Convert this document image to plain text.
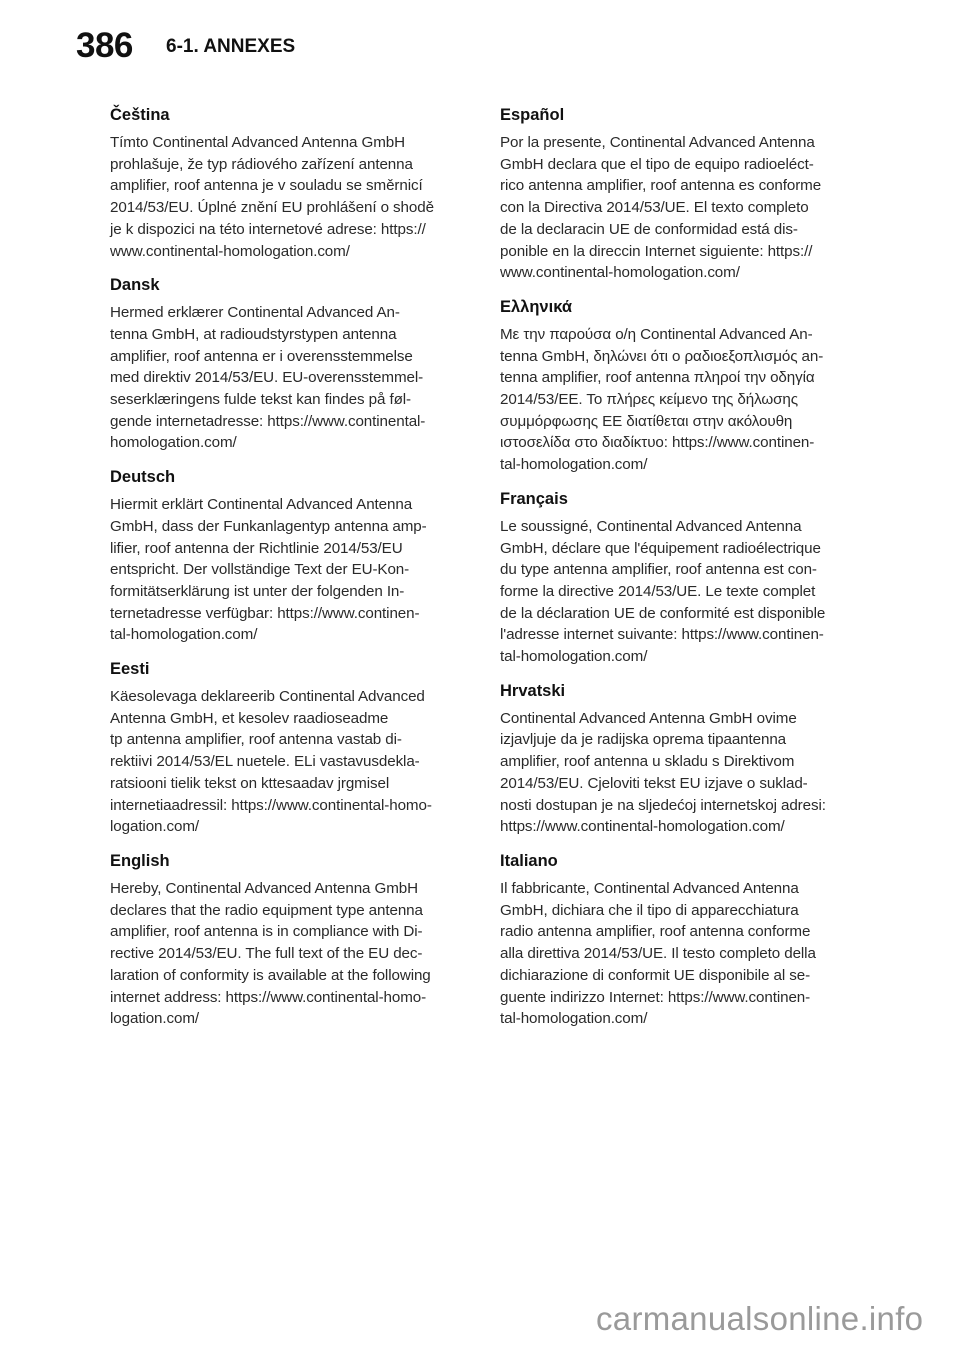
386 6-1. ANNEXES
Čeština

Tímto Continental Advanced Antenna GmbH
prohlašuje, že typ rádiového zařízení antenna
amplifier, roof antenna je v souladu se směrnicí
2014/53/EU. Úplné znění EU prohlášení o shodě
je k dispozici na této internetové adrese: https://
www.continental-homologation.com/

Dansk

Hermed erklærer Continental Advanced An-
tenna GmbH, at radioudstyrstypen antenna
amplifier, roof antenna er i overensstemmelse
med direktiv 2014/53/EU. EU-overensstemmel-
seserklæringens fulde tekst kan findes på føl-
gende internetadresse: https://www.continental-
homologation.com/

Deutsch

Hiermit erklärt Continental Advanced Antenna
GmbH, dass der Funkanlagentyp antenna amp-
lifier, roof antenna der Richtlinie 2014/53/EU
entspricht. Der vollständige Text der EU-Kon-
formitätserklärung ist unter der folgenden In-
ternetadresse verfügbar: https://www.continen-
tal-homologation.com/

Eesti

Käesolevaga deklareerib Continental Advanced
Antenna GmbH, et kesolev raadioseadme
tp antenna amplifier, roof antenna vastab di-
rektiivi 2014/53/EL nuetele. ELi vastavusdekla-
ratsiooni tielik tekst on kttesaadav jrgmisel
internetiaadressil: https://www.continental-homo-
logation.com/

English

Hereby, Continental Advanced Antenna GmbH
declares that the radio equipment type antenna
amplifier, roof antenna is in compliance with Di-
rective 2014/53/EU. The full text of the EU dec-
laration of conformity is available at the following
internet address: https://www.continental-homo-
logation.com/

Español

Por la presente, Continental Advanced Antenna
GmbH declara que el tipo de equipo radioeléct-
rico antenna amplifier, roof antenna es conforme
con la Directiva 2014/53/UE. El texto completo
de la declaracin UE de conformidad está dis-
ponible en la direccin Internet siguiente: https://
www.continental-homologation.com/

Ελληνικά

Με την παρούσα ο/η Continental Advanced An-
tenna GmbH, δηλώνει ότι ο ραδιοεξοπλισμός an-
tenna amplifier, roof antenna πληροί την οδηγία
2014/53/ΕΕ. Το πλήρες κείμενο της δήλωσης
συμμόρφωσης ΕΕ διατίθεται στην ακόλουθη
ιστοσελίδα στο διαδίκτυο: https://www.continen-
tal-homologation.com/

Français

Le soussigné, Continental Advanced Antenna
GmbH, déclare que l'équipement radioélectrique
du type antenna amplifier, roof antenna est con-
forme la directive 2014/53/UE. Le texte complet
de la déclaration UE de conformité est disponible
l'adresse internet suivante: https://www.continen-
tal-homologation.com/

Hrvatski

Continental Advanced Antenna GmbH ovime
izjavljuje da je radijska oprema tipaantenna
amplifier, roof antenna u skladu s Direktivom
2014/53/EU. Cjeloviti tekst EU izjave o suklad-
nosti dostupan je na sljedećoj internetskoj adresi:
https://www.continental-homologation.com/

Italiano

Il fabbricante, Continental Advanced Antenna
GmbH, dichiara che il tipo di apparecchiatura
radio antenna amplifier, roof antenna conforme
alla direttiva 2014/53/UE. Il testo completo della
dichiarazione di conformit UE disponibile al se-
guente indirizzo Internet: https://www.continen-
tal-homologation.com/

carmanualsonline.info
